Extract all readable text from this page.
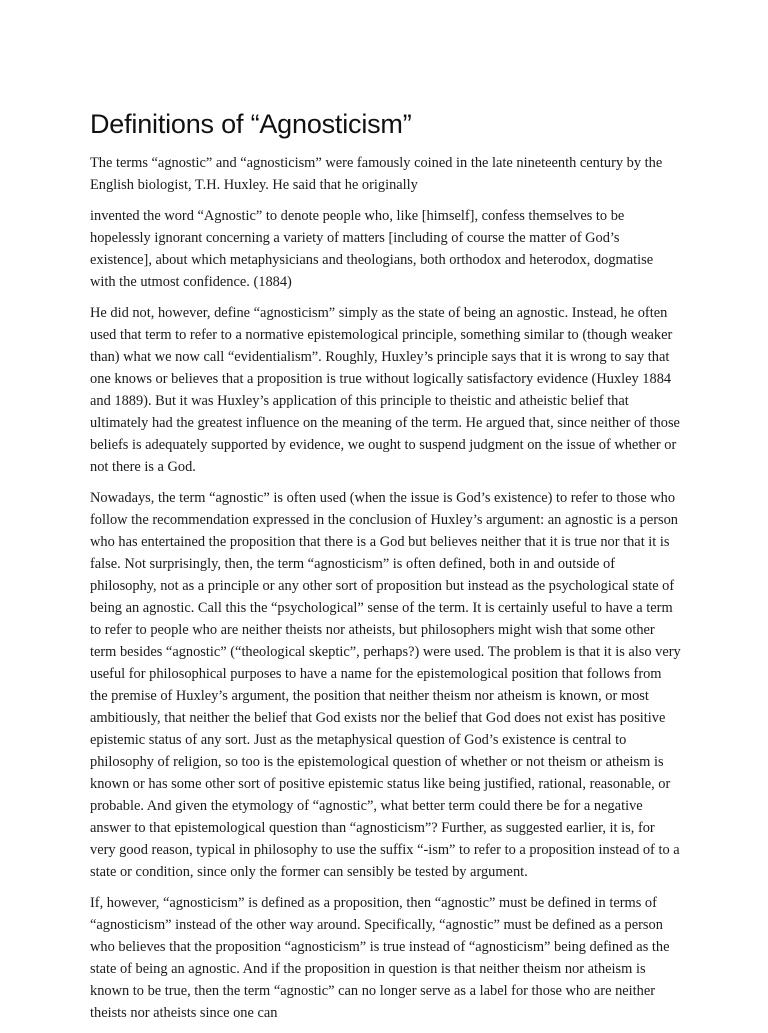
Definitions of “Agnosticism”

The terms “agnostic” and “agnosticism” were famously coined in the late nineteenth century by the English biologist, T.H. Huxley. He said that he originally

invented the word “Agnostic” to denote people who, like [himself], confess themselves to be hopelessly ignorant concerning a variety of matters [including of course the matter of God’s existence], about which metaphysicians and theologians, both orthodox and heterodox, dogmatise with the utmost confidence. (1884)

He did not, however, define “agnosticism” simply as the state of being an agnostic. Instead, he often used that term to refer to a normative epistemological principle, something similar to (though weaker than) what we now call “evidentialism”. Roughly, Huxley’s principle says that it is wrong to say that one knows or believes that a proposition is true without logically satisfactory evidence (Huxley 1884 and 1889). But it was Huxley’s application of this principle to theistic and atheistic belief that ultimately had the greatest influence on the meaning of the term. He argued that, since neither of those beliefs is adequately supported by evidence, we ought to suspend judgment on the issue of whether or not there is a God.

Nowadays, the term “agnostic” is often used (when the issue is God’s existence) to refer to those who follow the recommendation expressed in the conclusion of Huxley’s argument: an agnostic is a person who has entertained the proposition that there is a God but believes neither that it is true nor that it is false. Not surprisingly, then, the term “agnosticism” is often defined, both in and outside of philosophy, not as a principle or any other sort of proposition but instead as the psychological state of being an agnostic. Call this the “psychological” sense of the term. It is certainly useful to have a term to refer to people who are neither theists nor atheists, but philosophers might wish that some other term besides “agnostic” (“theological skeptic”, perhaps?) were used. The problem is that it is also very useful for philosophical purposes to have a name for the epistemological position that follows from the premise of Huxley’s argument, the position that neither theism nor atheism is known, or most ambitiously, that neither the belief that God exists nor the belief that God does not exist has positive epistemic status of any sort. Just as the metaphysical question of God’s existence is central to philosophy of religion, so too is the epistemological question of whether or not theism or atheism is known or has some other sort of positive epistemic status like being justified, rational, reasonable, or probable. And given the etymology of “agnostic”, what better term could there be for a negative answer to that epistemological question than “agnosticism”? Further, as suggested earlier, it is, for very good reason, typical in philosophy to use the suffix “-ism” to refer to a proposition instead of to a state or condition, since only the former can sensibly be tested by argument.

If, however, “agnosticism” is defined as a proposition, then “agnostic” must be defined in terms of “agnosticism” instead of the other way around. Specifically, “agnostic” must be defined as a person who believes that the proposition “agnosticism” is true instead of “agnosticism” being defined as the state of being an agnostic. And if the proposition in question is that neither theism nor atheism is known to be true, then the term “agnostic” can no longer serve as a label for those who are neither theists nor atheists since one can
